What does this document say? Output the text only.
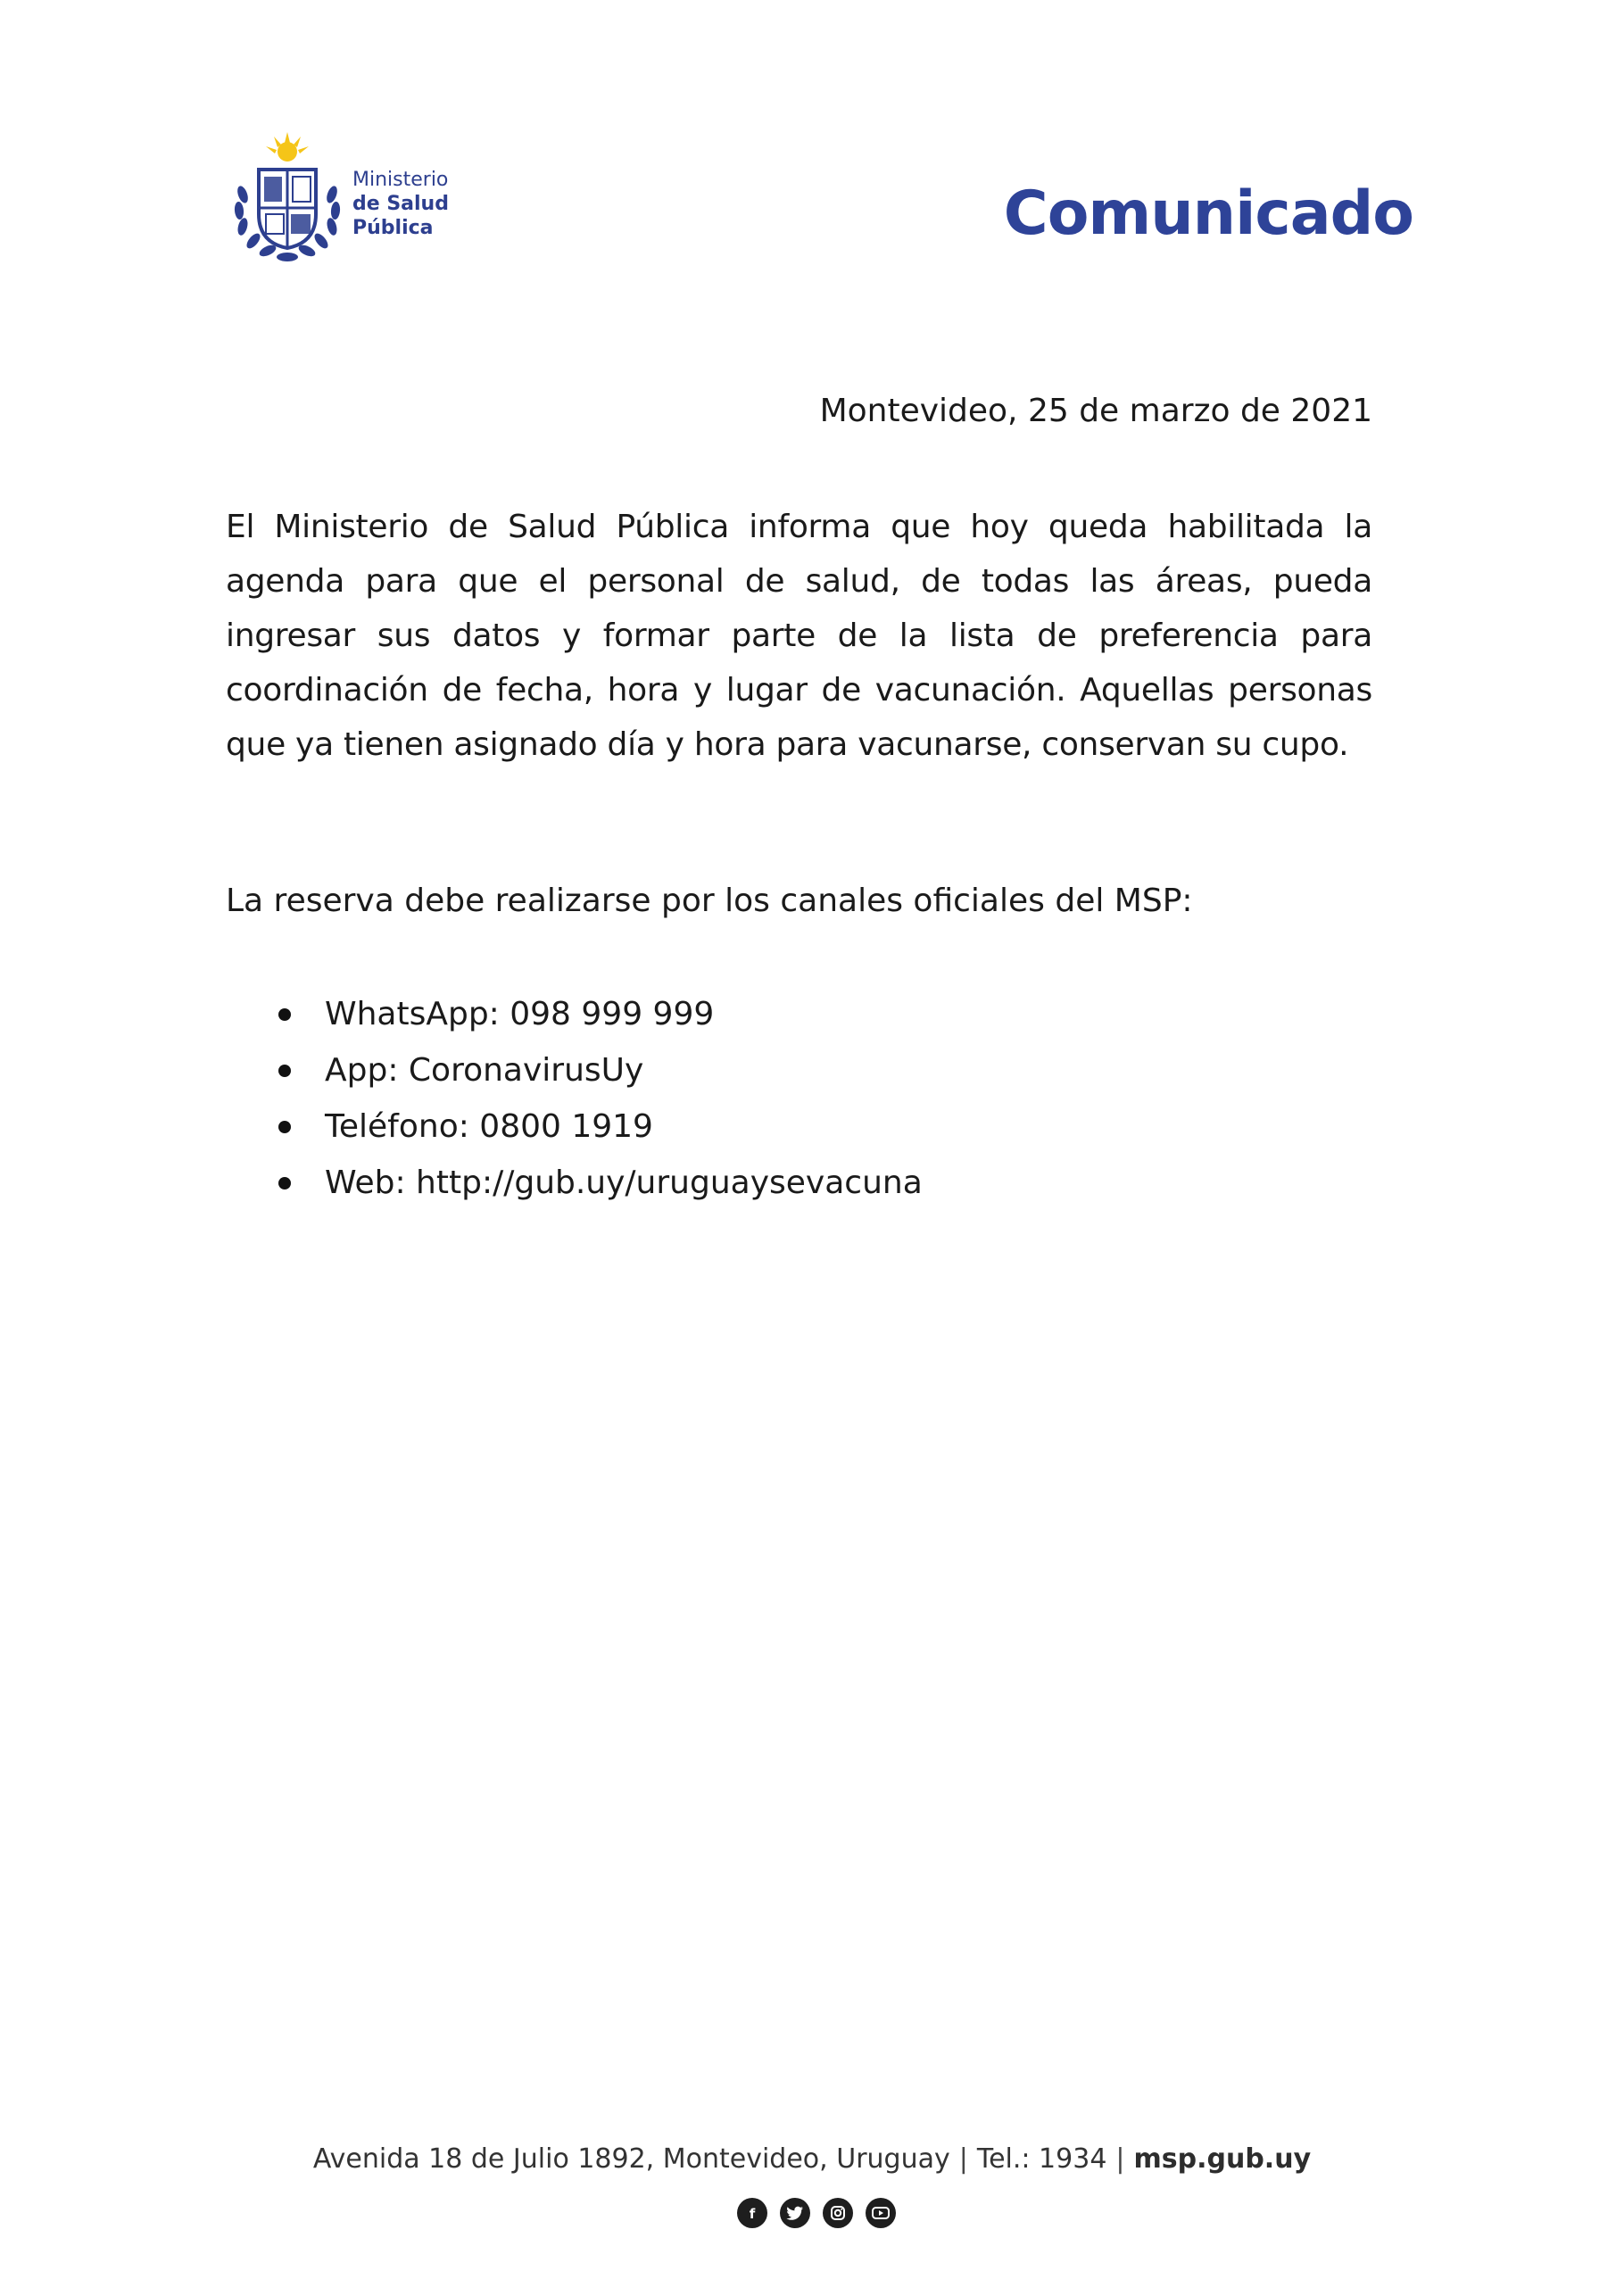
Ministerio
de Salud
Pública	Comunicado
Montevideo, 25 de marzo de 2021

El Ministerio de Salud Pública informa que hoy queda habilitada la agenda para que el personal de salud, de todas las áreas, pueda ingresar sus datos y formar parte de la lista de preferencia para coordinación de fecha, hora y lugar de vacunación. Aquellas personas que ya tienen asignado día y hora para vacunarse, conservan su cupo.

La reserva debe realizarse por los canales oficiales del MSP:
WhatsApp: 098 999 999
App: CoronavirusUy
Teléfono: 0800 1919
Web: http://gub.uy/uruguaysevacuna
Avenida 18 de Julio 1892, Montevideo, Uruguay | Tel.: 1934 | msp.gub.uy
f
